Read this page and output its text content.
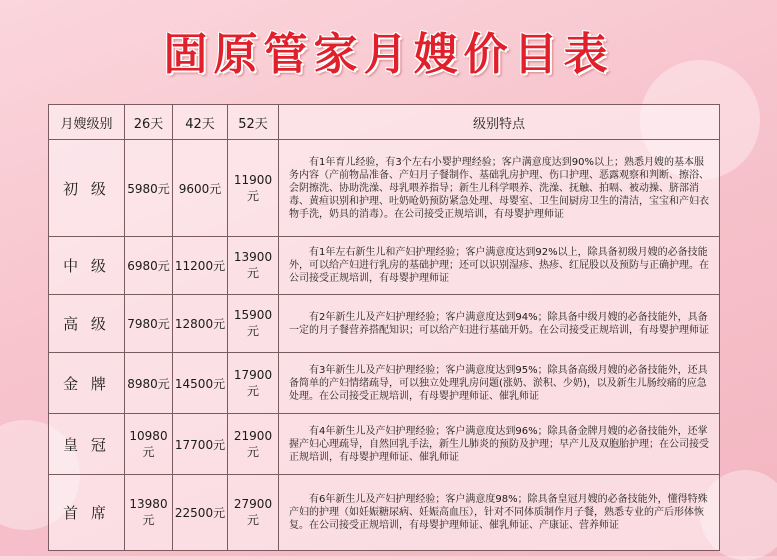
固原管家月嫂价目表
月嫂级别	26天	42天	52天	级别特点
初 级	5980元	9600元	11900元	有1年育儿经验，有3个左右小婴护理经验；客户满意度达到90%以上；熟悉月嫂的基本服务内容（产前物品准备、产妇月子餐制作、基础乳房护理、伤口护理、恶露观察和判断、擦浴、会阴擦洗、协助洗澡、母乳喂养指导；新生儿科学喂养、洗澡、抚触、拍嗝、被动操、脐部消毒、黄疸识别和护理、吐奶呛奶预防紧急处理、母婴室、卫生间厨房卫生的清洁，宝宝和产妇衣物手洗，奶具的消毒）。在公司接受正规培训，有母婴护理师证
中 级	6980元	11200元	13900元	有1年左右新生儿和产妇护理经验；客户满意度达到92%以上，除具备初级月嫂的必备技能外，可以给产妇进行乳房的基础护理；还可以识别湿疹、热疹、红屁股以及预防与正确护理。在公司接受正规培训，有母婴护理师证
高 级	7980元	12800元	15900元	有2年新生儿及产妇护理经验；客户满意度达到94%；除具备中级月嫂的必备技能外，具备一定的月子餐营养搭配知识；可以给产妇进行基础开奶。在公司接受正规培训，有母婴护理师证
金 牌	8980元	14500元	17900元	有3年新生儿及产妇护理经验；客户满意度达到95%；除具备高级月嫂的必备技能外，还具备简单的产妇情绪疏导，可以独立处理乳房问题(涨奶、淤积、少奶)，以及新生儿肠绞痛的应急处理。在公司接受正规培训，有母婴护理师证、催乳师证
皇 冠	10980元	17700元	21900元	有4年新生儿及产妇护理经验；客户满意度达到96%；除具备金牌月嫂的必备技能外，还掌握产妇心理疏导，自然回乳手法，新生儿肺炎的预防及护理；早产儿及双胞胎护理；在公司接受正规培训，有母婴护理师证、催乳师证
首 席	13980元	22500元	27900元	有6年新生儿及产妇护理经验；客户满意度98%；除具备皇冠月嫂的必备技能外，懂得特殊产妇的护理（如妊娠糖尿病、妊娠高血压），针对不同体质制作月子餐，熟悉专业的产后形体恢复。在公司接受正规培训，有母婴护理师证、催乳师证、产康证、营养师证
